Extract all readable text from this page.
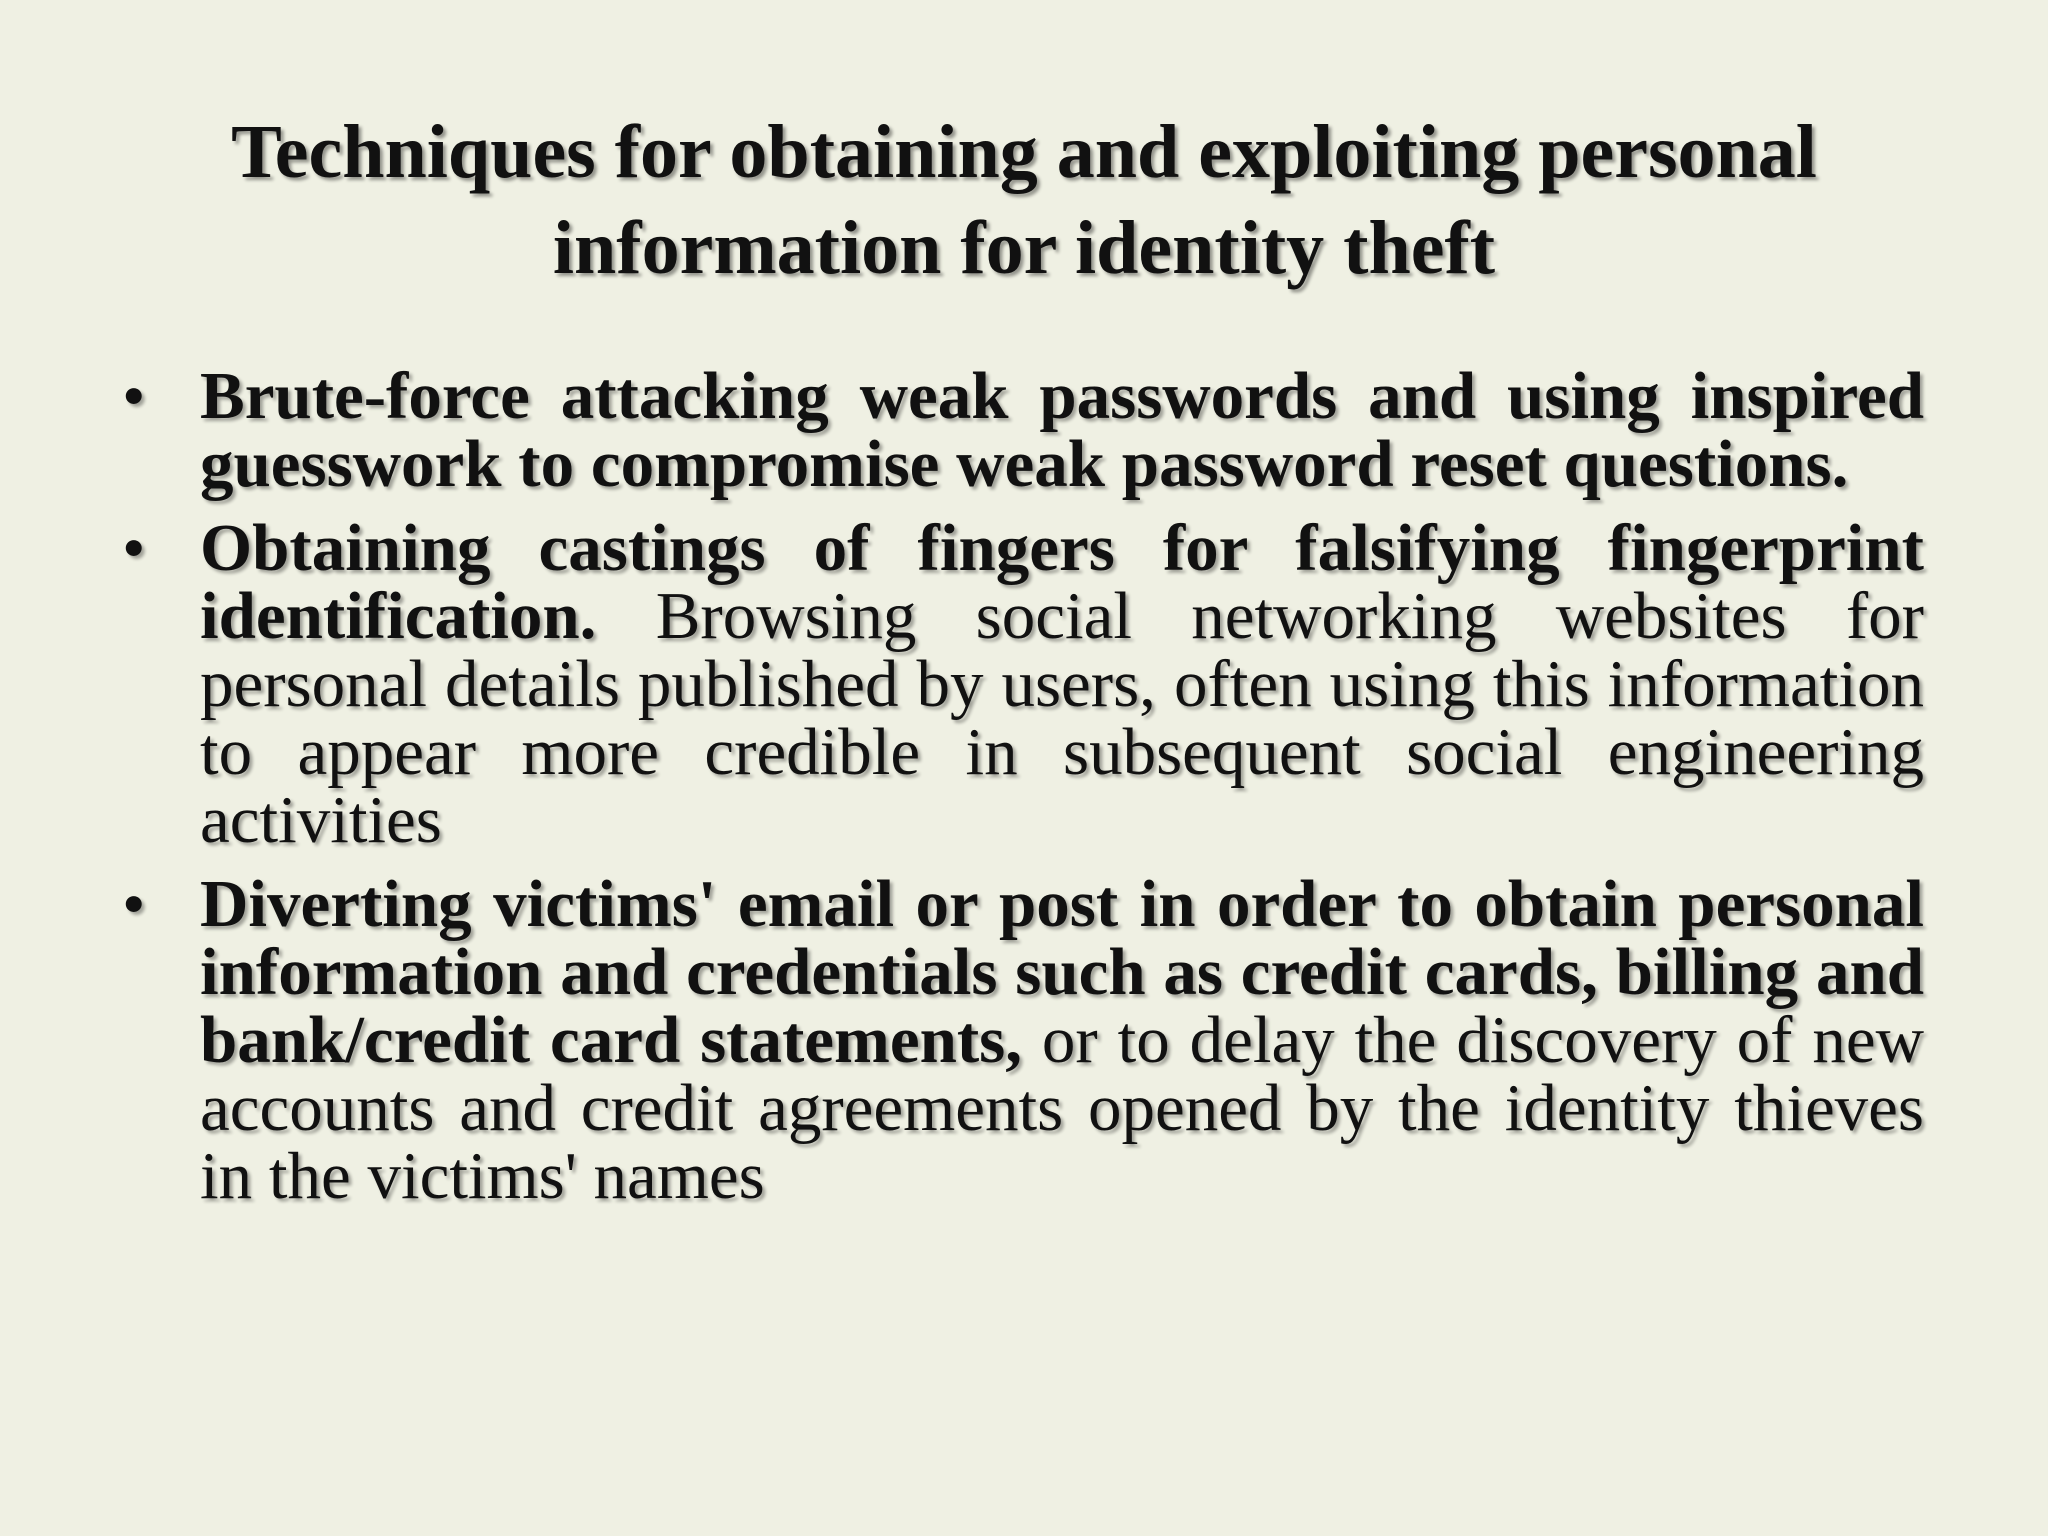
Techniques for obtaining and exploiting personal
information for identity theft
• Brute-force attacking weak passwords and using inspired guesswork to compromise weak password reset questions.
• Obtaining castings of fingers for falsifying fingerprint identification. Browsing social networking websites for personal details published by users, often using this information to appear more credible in subsequent social engineering activities
• Diverting victims' email or post in order to obtain personal information and credentials such as credit cards, billing and bank/credit card statements, or to delay the discovery of new accounts and credit agreements opened by the identity thieves in the victims' names
